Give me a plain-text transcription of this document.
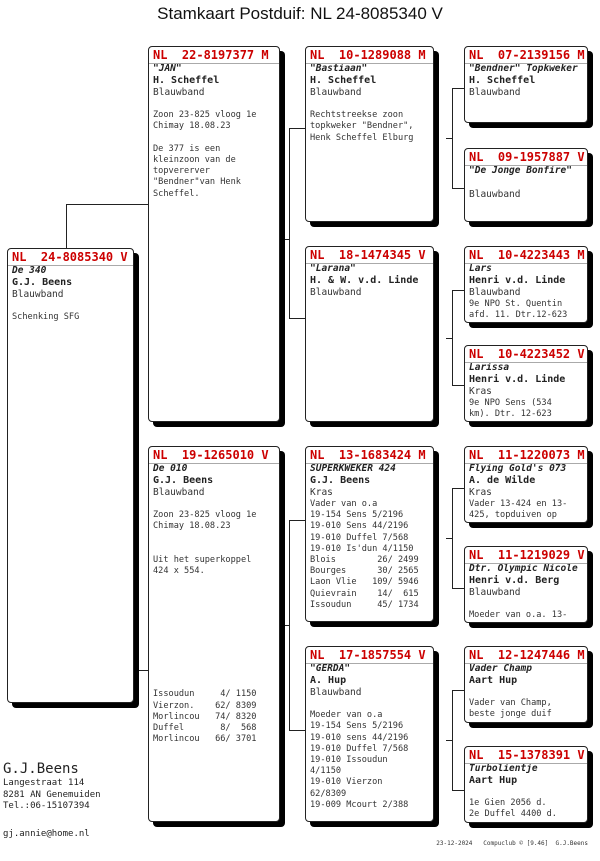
Stamkaart Postduif: NL 24-8085340 V
NL  24-8085340 V
De 340
G.J. Beens
Blauwband

Schenking SFG
NL  22-8197377 M
"JAN"
H. Scheffel
Blauwband

Zoon 23-825 vloog 1e
Chimay 18.08.23

De 377 is een
kleinzoon van de
topvererver
"Bendner"van Henk
Scheffel.
NL  19-1265010 V
De 010
G.J. Beens
Blauwband

Zoon 23-825 vloog 1e
Chimay 18.08.23

Uit het superkoppel
424 x 554.

Issoudun     4/ 1150
Vierzon.    62/ 8309
Morlincou   74/ 8320
Duffel       8/  568
Morlincou   66/ 3701
NL  10-1289088 M
"Bastiaan"
H. Scheffel
Blauwband

Rechtstreekse zoon
topkweker "Bendner",
Henk Scheffel Elburg
NL  18-1474345 V
"Larana"
H. & W. v.d. Linde
Blauwband
NL  13-1683424 M
SUPERKWEKER 424
G.J. Beens
Kras
Vader van o.a
19-154 Sens 5/2196
19-010 Sens 44/2196
19-010 Duffel 7/568
19-010 Is'dun 4/1150
Blois        26/ 2499
Bourges      30/ 2565
Laon Vlie   109/ 5946
Quievrain    14/  615
Issoudun     45/ 1734
NL  17-1857554 V
"GERDA"
A. Hup
Blauwband

Moeder van o.a
19-154 Sens 5/2196
19-010 sens 44/2196
19-010 Duffel 7/568
19-010 Issoudun
4/1150
19-010 Vierzon
62/8309
19-009 Mcourt 2/388
NL  07-2139156 M
"Bendner" Topkweker
H. Scheffel
Blauwband
NL  09-1957887 V
"De Jonge Bonfire"
Blauwband
NL  10-4223443 M
Lars
Henri v.d. Linde
Blauwband
9e NPO St. Quentin
afd. 11. Dtr.12-623
NL  10-4223452 V
Larissa
Henri v.d. Linde
Kras
9e NPO Sens (534
km). Dtr. 12-623
NL  11-1220073 M
Flying Gold's 073
A. de Wilde
Kras
Vader 13-424 en 13-
425, topduiven op
NL  11-1219029 V
Dtr. Olympic Nicole
Henri v.d. Berg
Blauwband

Moeder van o.a. 13-
NL  12-1247446 M
Vader Champ
Aart Hup

Vader van Champ,
beste jonge duif
NL  15-1378391 V
Turbolientje
Aart Hup

1e Gien 2056 d.
2e Duffel 4400 d.
G.J.Beens
Langestraat 114
8281 AN Genemuiden
Tel.:06-15107394
gj.annie@home.nl
23-12-2024   Compuclub © [9.46]  G.J.Beens
